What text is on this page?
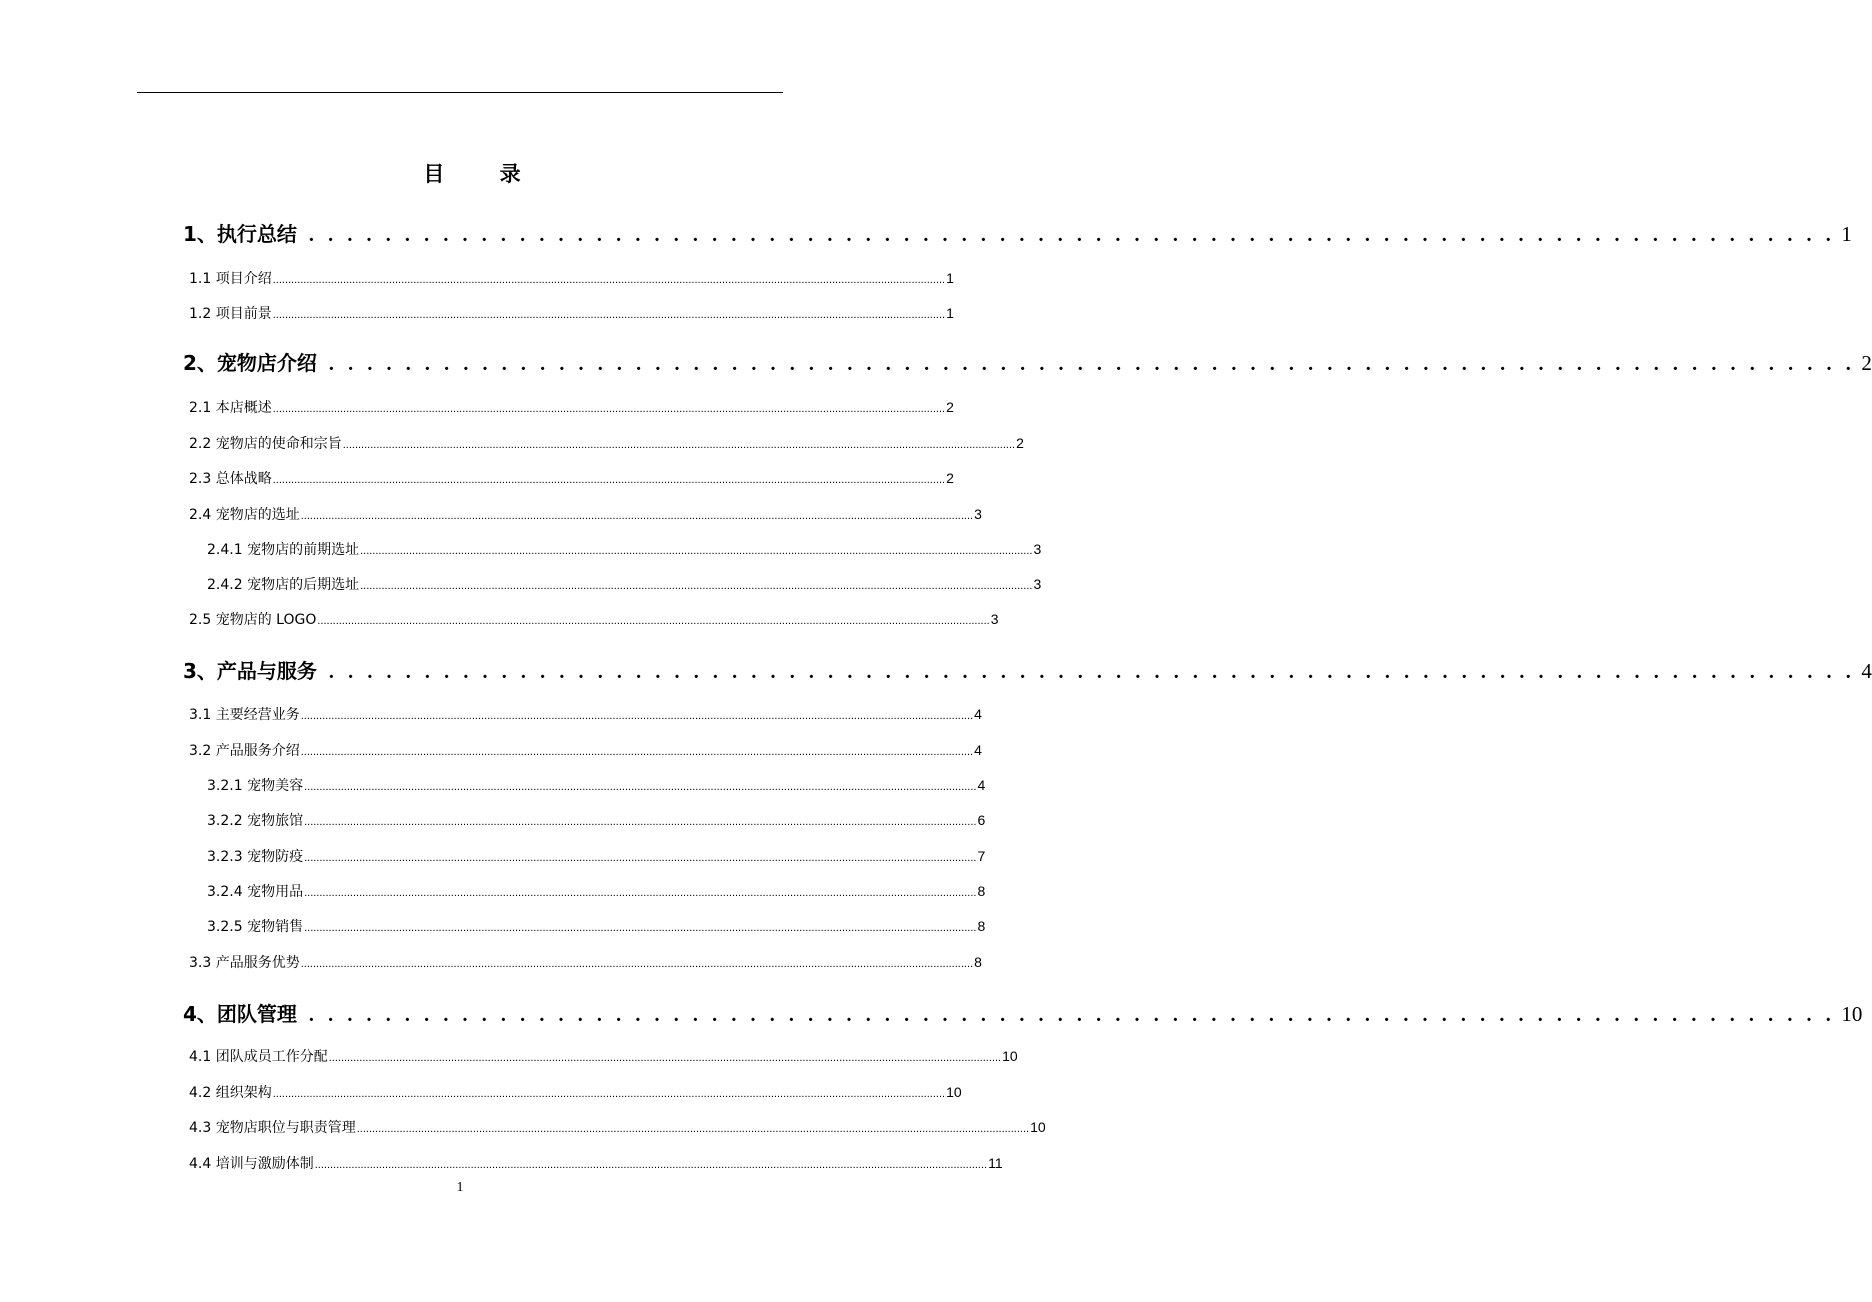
目 录
1、执行总结 . . . . . . . . . . . . . . . . . . . . . . . . . . . . . . . . . . . . . . . . . . . . . . . . . . . . . . . . . . . . . . . . . . . . . . . . . . . . . . . . 1
1.1 项目介绍 ............................................................................................................................................................................................................................ 1
1.2 项目前景 ............................................................................................................................................................................................................................ 1
2、宠物店介绍 . . . . . . . . . . . . . . . . . . . . . . . . . . . . . . . . . . . . . . . . . . . . . . . . . . . . . . . . . . . . . . . . . . . . . . . . . . . . . . . . 2
2.1 本店概述 ............................................................................................................................................................................................................................ 2
2.2 宠物店的使命和宗旨 ............................................................................................................................................................................................................................ 2
2.3 总体战略 ............................................................................................................................................................................................................................ 2
2.4 宠物店的选址 ............................................................................................................................................................................................................................ 3
2.4.1 宠物店的前期选址 ............................................................................................................................................................................................................................ 3
2.4.2 宠物店的后期选址 ............................................................................................................................................................................................................................ 3
2.5 宠物店的 LOGO ............................................................................................................................................................................................................................ 3
3、产品与服务 . . . . . . . . . . . . . . . . . . . . . . . . . . . . . . . . . . . . . . . . . . . . . . . . . . . . . . . . . . . . . . . . . . . . . . . . . . . . . . . . 4
3.1 主要经营业务 ............................................................................................................................................................................................................................ 4
3.2 产品服务介绍 ............................................................................................................................................................................................................................ 4
3.2.1 宠物美容 ............................................................................................................................................................................................................................ 4
3.2.2 宠物旅馆 ............................................................................................................................................................................................................................ 6
3.2.3 宠物防疫 ............................................................................................................................................................................................................................ 7
3.2.4 宠物用品 ............................................................................................................................................................................................................................ 8
3.2.5 宠物销售 ............................................................................................................................................................................................................................ 8
3.3 产品服务优势 ............................................................................................................................................................................................................................ 8
4、团队管理 . . . . . . . . . . . . . . . . . . . . . . . . . . . . . . . . . . . . . . . . . . . . . . . . . . . . . . . . . . . . . . . . . . . . . . . . . . . . . . . . 10
4.1 团队成员工作分配 ............................................................................................................................................................................................................................ 10
4.2 组织架构 ............................................................................................................................................................................................................................ 10
4.3 宠物店职位与职责管理 ............................................................................................................................................................................................................................ 10
4.4 培训与激励体制 ............................................................................................................................................................................................................................ 11
1
